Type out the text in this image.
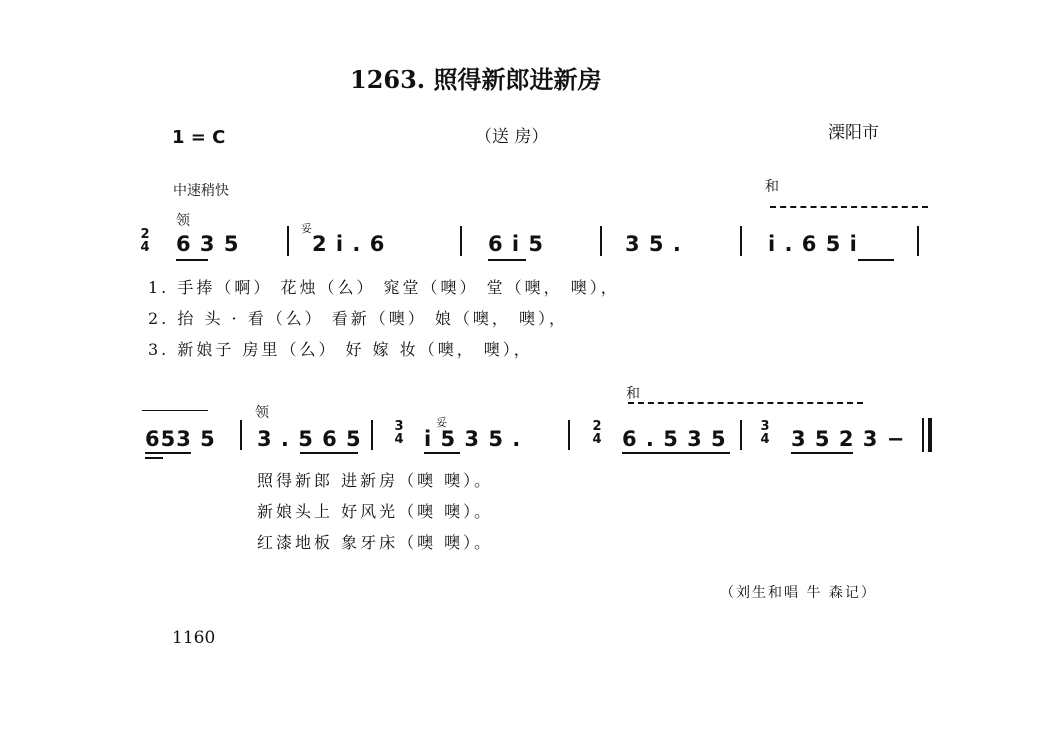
1263. 照得新郎进新房
1 = C	（送 房）	溧阳市
中速稍快	和
领
2
4 6 3 5
妥
2 i . 6	6 i 5	3 5 .	i . 6 5 i
1. 手捧（啊） 花烛（么） 窕堂（噢） 堂（噢， 噢），
2. 抬 头 · 看（么） 看新（噢） 娘（噢， 噢），
3. 新娘子 房里（么） 好 嫁 妆（噢， 噢），
和
领
妥
653 5 3 . 5 6 5
3
4 i 5 3 5 .
2
4 6 . 5 3 5
3
4 3 5 2 3 −
照得新郎 进新房（噢 噢）。
新娘头上 好风光（噢 噢）。
红漆地板 象牙床（噢 噢）。
（刘生和唱 牛 森记）
1160
